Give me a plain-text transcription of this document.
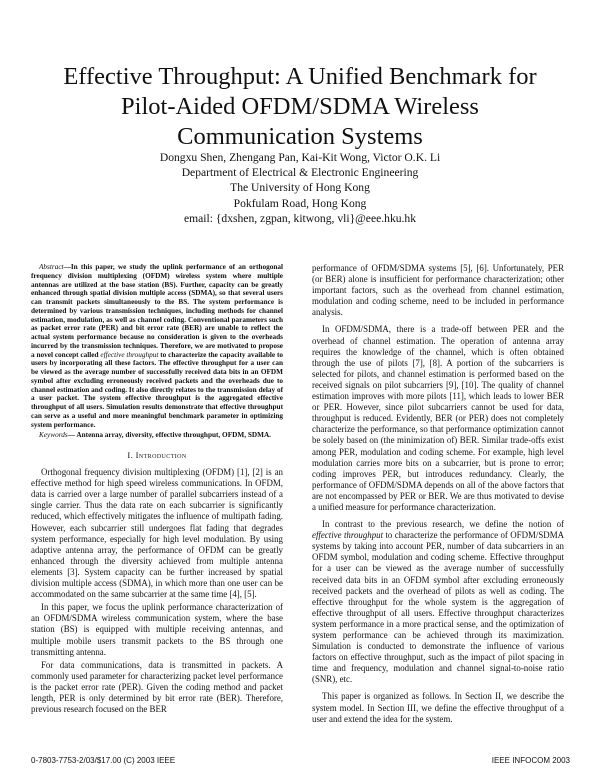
Effective Throughput: A Unified Benchmark for
Pilot-Aided OFDM/SDMA Wireless
Communication Systems
Dongxu Shen, Zhengang Pan, Kai-Kit Wong, Victor O.K. Li
Department of Electrical & Electronic Engineering
The University of Hong Kong
Pokfulam Road, Hong Kong
email: {dxshen, zgpan, kitwong, vli}@eee.hku.hk

Abstract—In this paper, we study the uplink performance of an orthogonal frequency division multiplexing (OFDM) wireless system where multiple antennas are utilized at the base station (BS). Further, capacity can be greatly enhanced through spatial division multiple access (SDMA), so that several users can transmit packets simultaneously to the BS. The system performance is determined by various transmission techniques, including methods for channel estimation, modulation, as well as channel coding. Conventional parameters such as packet error rate (PER) and bit error rate (BER) are unable to reflect the actual system performance because no consideration is given to the overheads incurred by the transmission techniques. Therefore, we are motivated to propose a novel concept called effective throughput to characterize the capacity available to users by incorporating all these factors. The effective throughput for a user can be viewed as the average number of successfully received data bits in an OFDM symbol after excluding erroneously received packets and the overheads due to channel estimation and coding. It also directly relates to the transmission delay of a user packet. The system effective throughput is the aggregated effective throughput of all users. Simulation results demonstrate that effective throughput can serve as a useful and more meaningful benchmark parameter in optimizing system performance.

Keywords— Antenna array, diversity, effective throughput, OFDM, SDMA.

I. Introduction

Orthogonal frequency division multiplexing (OFDM) [1], [2] is an effective method for high speed wireless communications. In OFDM, data is carried over a large number of parallel subcarriers instead of a single carrier. Thus the data rate on each subcarrier is significantly reduced, which effectively mitigates the influence of multipath fading. However, each subcarrier still undergoes flat fading that degrades system performance, especially for high level modulation. By using adaptive antenna array, the performance of OFDM can be greatly enhanced through the diversity achieved from multiple antenna elements [3]. System capacity can be further increased by spatial division multiple access (SDMA), in which more than one user can be accommodated on the same subcarrier at the same time [4], [5].

In this paper, we focus the uplink performance characterization of an OFDM/SDMA wireless communication system, where the base station (BS) is equipped with multiple receiving antennas, and multiple mobile users transmit packets to the BS through one transmitting antenna.

For data communications, data is transmitted in packets. A commonly used parameter for characterizing packet level performance is the packet error rate (PER). Given the coding method and packet length, PER is only determined by bit error rate (BER). Therefore, previous research focused on the BER

performance of OFDM/SDMA systems [5], [6]. Unfortunately, PER (or BER) alone is insufficient for performance characterization; other important factors, such as the overhead from channel estimation, modulation and coding scheme, need to be included in performance analysis.

In OFDM/SDMA, there is a trade-off between PER and the overhead of channel estimation. The operation of antenna array requires the knowledge of the channel, which is often obtained through the use of pilots [7], [8]. A portion of the subcarriers is selected for pilots, and channel estimation is performed based on the received signals on pilot subcarriers [9], [10]. The quality of channel estimation improves with more pilots [11], which leads to lower BER or PER. However, since pilot subcarriers cannot be used for data, throughput is reduced. Evidently, BER (or PER) does not completely characterize the performance, so that performance optimization cannot be solely based on (the minimization of) BER. Similar trade-offs exist among PER, modulation and coding scheme. For example, high level modulation carries more bits on a subcarrier, but is prone to error; coding improves PER, but introduces redundancy. Clearly, the performance of OFDM/SDMA depends on all of the above factors that are not encompassed by PER or BER. We are thus motivated to devise a unified measure for performance characterization.

In contrast to the previous research, we define the notion of effective throughput to characterize the performance of OFDM/SDMA systems by taking into account PER, number of data subcarriers in an OFDM symbol, modulation and coding scheme. Effective throughput for a user can be viewed as the average number of successfully received data bits in an OFDM symbol after excluding erroneously received packets and the overhead of pilots as well as coding. The effective throughput for the whole system is the aggregation of effective throughput of all users. Effective throughput characterizes system performance in a more practical sense, and the optimization of system performance can be achieved through its maximization. Simulation is conducted to demonstrate the influence of various factors on effective throughput, such as the impact of pilot spacing in time and frequency, modulation and channel signal-to-noise ratio (SNR), etc.

This paper is organized as follows. In Section II, we describe the system model. In Section III, we define the effective throughput of a user and extend the idea for the system.

0-7803-7753-2/03/$17.00 (C) 2003 IEEE	IEEE INFOCOM 2003
